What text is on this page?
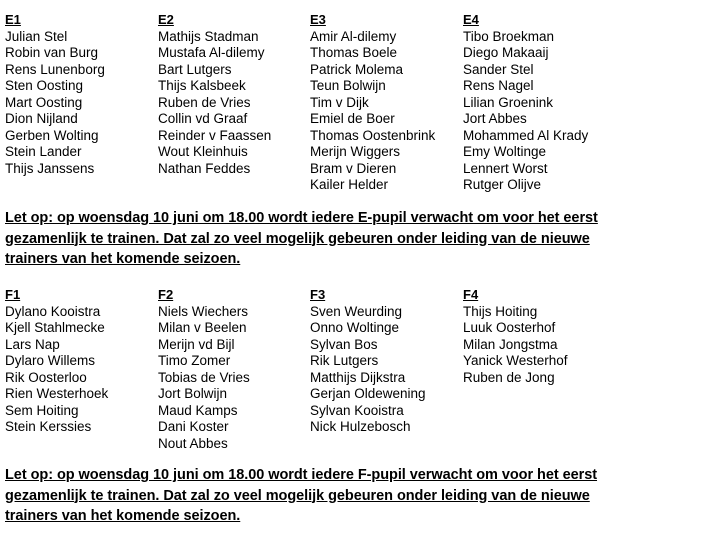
E1
Julian Stel
Robin van Burg
Rens Lunenborg
Sten Oosting
Mart Oosting
Dion Nijland
Gerben Wolting
Stein Lander
Thijs Janssens
E2
Mathijs Stadman
Mustafa Al-dilemy
Bart Lutgers
Thijs Kalsbeek
Ruben de Vries
Collin vd Graaf
Reinder v Faassen
Wout Kleinhuis
Nathan Feddes
E3
Amir Al-dilemy
Thomas Boele
Patrick Molema
Teun Bolwijn
Tim v Dijk
Emiel de Boer
Thomas Oostenbrink
Merijn Wiggers
Bram v Dieren
Kailer Helder
E4
Tibo Broekman
Diego Makaaij
Sander Stel
Rens Nagel
Lilian Groenink
Jort Abbes
Mohammed Al Krady
Emy Woltinge
Lennert Worst
Rutger Olijve
Let op: op woensdag 10 juni om 18.00 wordt iedere E-pupil verwacht om voor het eerst
gezamenlijk te trainen. Dat zal zo veel mogelijk gebeuren onder leiding van de nieuwe
trainers van het komende seizoen.
F1
Dylano Kooistra
Kjell Stahlmecke
Lars Nap
Dylaro Willems
Rik Oosterloo
Rien Westerhoek
Sem Hoiting
Stein Kerssies
F2
Niels Wiechers
Milan v Beelen
Merijn vd Bijl
Timo Zomer
Tobias de Vries
Jort Bolwijn
Maud Kamps
Dani Koster
Nout Abbes
F3
Sven Weurding
Onno Woltinge
Sylvan Bos
Rik Lutgers
Matthijs Dijkstra
Gerjan Oldewening
Sylvan Kooistra
Nick Hulzebosch
F4
Thijs Hoiting
Luuk Oosterhof
Milan Jongstma
Yanick Westerhof
Ruben de Jong
Let op: op woensdag 10 juni om 18.00 wordt iedere F-pupil verwacht om voor het eerst
gezamenlijk te trainen. Dat zal zo veel mogelijk gebeuren onder leiding van de nieuwe
trainers van het komende seizoen.
